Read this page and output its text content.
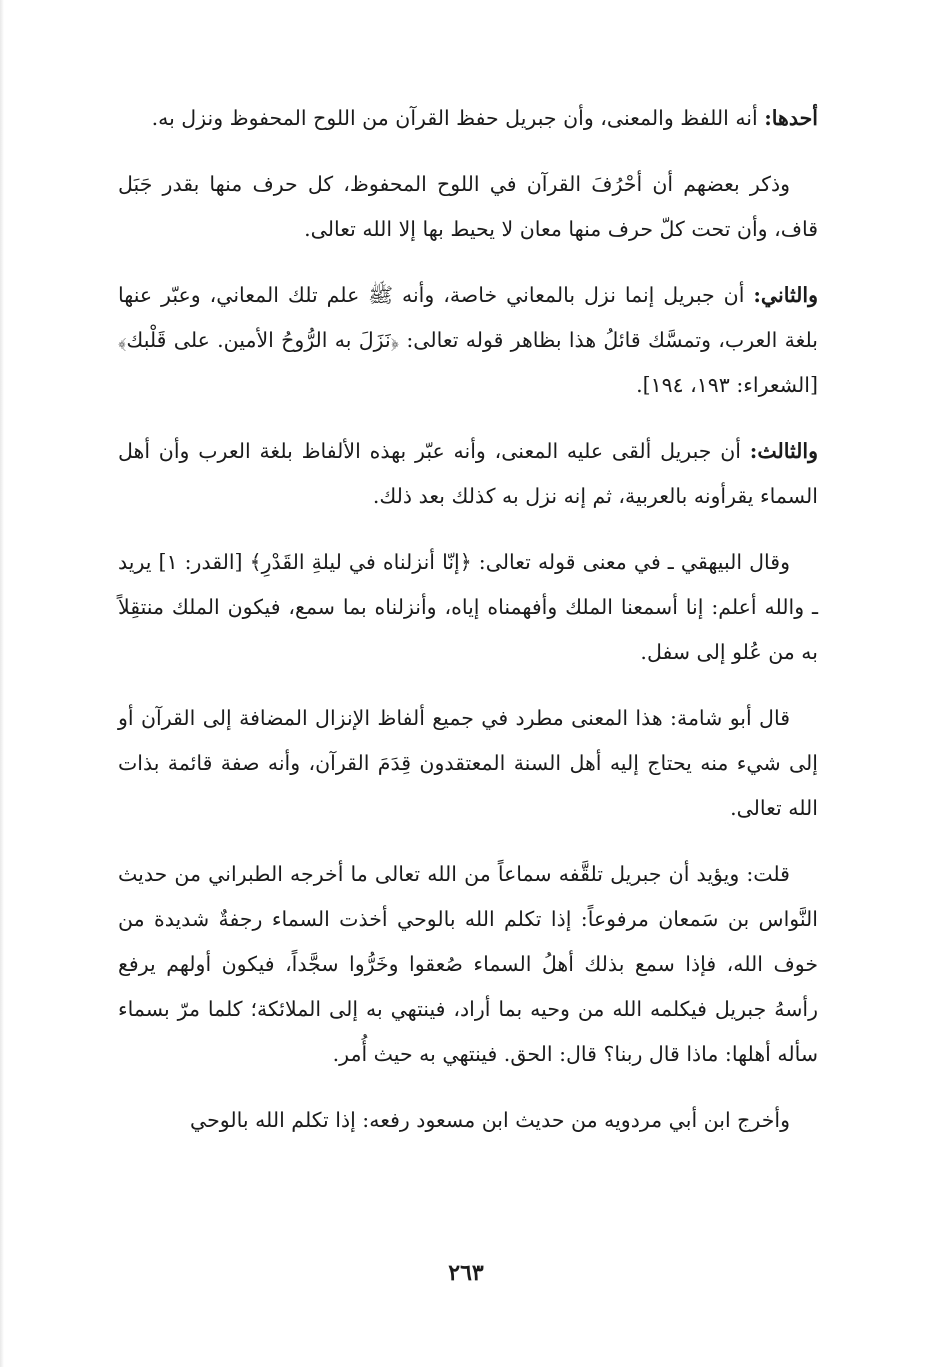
أحدها: أنه اللفظ والمعنى، وأن جبريل حفظ القرآن من اللوح المحفوظ ونزل به.

وذكر بعضهم أن أحْرُفَ القرآن في اللوح المحفوظ، كل حرف منها بقدر جَبَل قاف، وأن تحت كلّ حرف منها معان لا يحيط بها إلا الله تعالى.

والثاني: أن جبريل إنما نزل بالمعاني خاصة، وأنه ﷺ علم تلك المعاني، وعبّر عنها بلغة العرب، وتمسَّك قائلُ هذا بظاهر قوله تعالى: ﴿نَزَلَ به الرُّوحُ الأمين. على قَلْبك﴾ [الشعراء: ١٩٣، ١٩٤].

والثالث: أن جبريل ألقى عليه المعنى، وأنه عبّر بهذه الألفاظ بلغة العرب وأن أهل السماء يقرأونه بالعربية، ثم إنه نزل به كذلك بعد ذلك.

وقال البيهقي ـ في معنى قوله تعالى: ﴿إنّا أنزلناه في ليلةِ القَدْرِ﴾ [القدر: ١] يريد ـ والله أعلم: إنا أسمعنا الملك وأفهمناه إياه، وأنزلناه بما سمع، فيكون الملك منتقِلاً به من عُلو إلى سفل.

قال أبو شامة: هذا المعنى مطرد في جميع ألفاظ الإنزال المضافة إلى القرآن أو إلى شيء منه يحتاج إليه أهل السنة المعتقدون قِدَمَ القرآن، وأنه صفة قائمة بذات الله تعالى.

قلت: ويؤيد أن جبريل تلقَّفه سماعاً من الله تعالى ما أخرجه الطبراني من حديث النَّواس بن سَمعان مرفوعاً: إذا تكلم الله بالوحي أخذت السماء رجفةٌ شديدة من خوف الله، فإذا سمع بذلك أهلُ السماء صُعقوا وخَرُّوا سجَّداً، فيكون أولهم يرفع رأسهُ جبريل فيكلمه الله من وحيه بما أراد، فينتهي به إلى الملائكة؛ كلما مرّ بسماء سأله أهلها: ماذا قال ربنا؟ قال: الحق. فينتهي به حيث أُمر.

وأخرج ابن أبي مردويه من حديث ابن مسعود رفعه: إذا تكلم الله بالوحي

٢٦٣
